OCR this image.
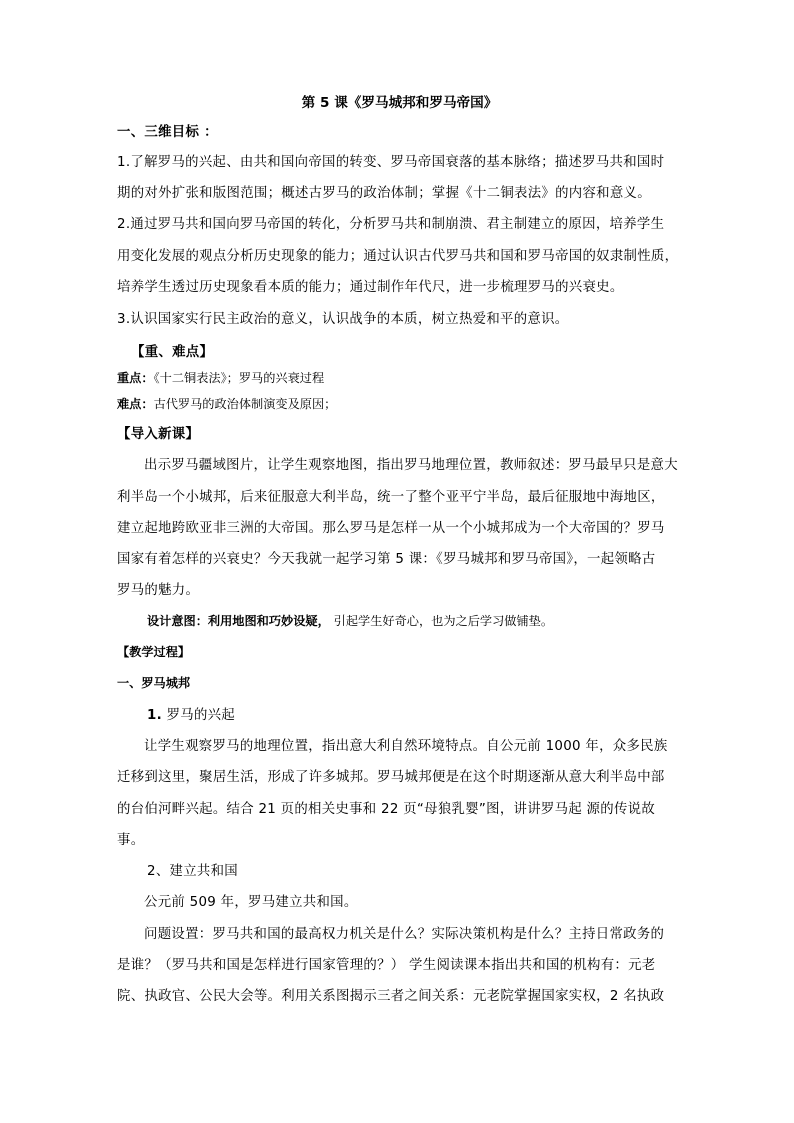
第 5 课《罗马城邦和罗马帝国》
一、三维目标 ：
1.了解罗马的兴起、由共和国向帝国的转变、罗马帝国衰落的基本脉络；描述罗马共和国时
期的对外扩张和版图范围；概述古罗马的政治体制；掌握《十二铜表法》的内容和意义。
2.通过罗马共和国向罗马帝国的转化，分析罗马共和制崩溃、君主制建立的原因，培养学生
用变化发展的观点分析历史现象的能力；通过认识古代罗马共和国和罗马帝国的奴隶制性质，
培养学生透过历史现象看本质的能力；通过制作年代尺，进一步梳理罗马的兴衰史。
3.认识国家实行民主政治的意义，认识战争的本质，树立热爱和平的意识。
【重、难点】
重点：《十二铜表法》；罗马的兴衰过程
难点：古代罗马的政治体制演变及原因；
【导入新课】
出示罗马疆域图片，让学生观察地图，指出罗马地理位置，教师叙述：罗马最早只是意大
利半岛一个小城邦，后来征服意大利半岛，统一了整个亚平宁半岛，最后征服地中海地区，
建立起地跨欧亚非三洲的大帝国。那么罗马是怎样一从一个小城邦成为一个大帝国的？罗马
国家有着怎样的兴衰史？今天我就一起学习第 5 课：《罗马城邦和罗马帝国》，一起领略古
罗马的魅力。
设计意图：利用地图和巧妙设疑， 引起学生好奇心，也为之后学习做铺垫。
【教学过程】
一、罗马城邦
1. 罗马的兴起
让学生观察罗马的地理位置，指出意大利自然环境特点。自公元前 1000 年，众多民族
迁移到这里，聚居生活，形成了许多城邦。罗马城邦便是在这个时期逐渐从意大利半岛中部
的台伯河畔兴起。结合 21 页的相关史事和 22 页“母狼乳婴”图，讲讲罗马起 源的传说故
事。
2、建立共和国
公元前 509 年，罗马建立共和国。
问题设置：罗马共和国的最高权力机关是什么？实际决策机构是什么？主持日常政务的
是谁？（罗马共和国是怎样进行国家管理的？） 学生阅读课本指出共和国的机构有：元老
院、执政官、公民大会等。利用关系图揭示三者之间关系：元老院掌握国家实权，2 名执政
